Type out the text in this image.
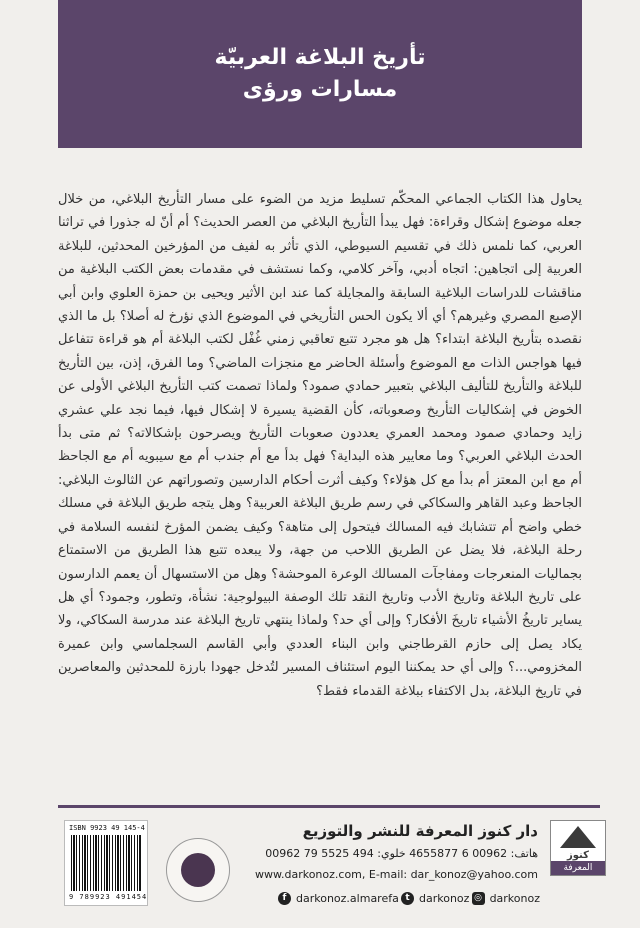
تأريخ البلاغة العربيّة
مسارات ورؤى

يحاول هذا الكتاب الجماعي المحكّم تسليط مزيد من الضوء على مسار التأريخ البلاغي، من خلال جعله موضوع إشكال وقراءة: فهل يبدأ التأريخ البلاغي من العصر الحديث؟ أم أنّ له جذورا في تراثنا العربي، كما نلمس ذلك في تقسيم السيوطي، الذي تأثر به لفيف من المؤرخين المحدثين، للبلاغة العربية إلى اتجاهين: اتجاه أدبي، وآخر كلامي، وكما نستشف في مقدمات بعض الكتب البلاغية من مناقشات للدراسات البلاغية السابقة والمجايلة كما عند ابن الأثير ويحيى بن حمزة العلوي وابن أبي الإصبع المصري وغيرهم؟ أي ألا يكون الحس التأريخي في الموضوع الذي نؤرخ له أصلا؟ بل ما الذي نقصده بتأريخ البلاغة ابتداء؟ هل هو مجرد تتبع تعاقبي زمني غُفْل لكتب البلاغة أم هو قراءة تتفاعل فيها هواجس الذات مع الموضوع وأسئلة الحاضر مع منجزات الماضي؟ وما الفرق، إذن، بين التأريخ للبلاغة والتأريخ للتأليف البلاغي بتعبير حمادي صمود؟ ولماذا تصمت كتب التأريخ البلاغي الأولى عن الخوض في إشكاليات التأريخ وصعوباته، كأن القضية يسيرة لا إشكال فيها، فيما نجد علي عشري زايد وحمادي صمود ومحمد العمري يعددون صعوبات التأريخ ويصرحون بإشكالاته؟ ثم متى بدأ الحدث البلاغي العربي؟ وما معايير هذه البداية؟ فهل بدأ مع أم جندب أم مع سيبويه أم مع الجاحظ أم مع ابن المعتز أم بدأ مع كل هؤلاء؟ وكيف أثرت أحكام الدارسين وتصوراتهم عن الثالوث البلاغي: الجاحظ وعبد القاهر والسكاكي في رسم طريق البلاغة العربية؟ وهل يتجه طريق البلاغة في مسلك خطي واضح أم تتشابك فيه المسالك فيتحول إلى متاهة؟ وكيف يضمن المؤرخ لنفسه السلامة في رحلة البلاغة، فلا يضل عن الطريق اللاحب من جهة، ولا يبعده تتبع هذا الطريق من الاستمتاع بجماليات المنعرجات ومفاجآت المسالك الوعرة الموحشة؟ وهل من الاستسهال أن يعمم الدارسون على تاريخ البلاغة وتاريخ الأدب وتاريخ النقد تلك الوصفة البيولوجية: نشأة، وتطور، وجمود؟ أي هل يساير تاريخُ الأشياء تاريخَ الأفكار؟ وإلى أي حد؟ ولماذا ينتهي تاريخ البلاغة عند مدرسة السكاكي، ولا يكاد يصل إلى حازم القرطاجني وابن البناء العددي وأبي القاسم السجلماسي وابن عميرة المخزومي...؟ وإلى أي حد يمكننا اليوم استئناف المسير لتُدخل جهودا بارزة للمحدثين والمعاصرين في تاريخ البلاغة، بدل الاكتفاء ببلاغة القدماء فقط؟

كنوز
المعرفة
دار كنوز المعرفة للنشر والتوزيع
هاتف: 00962 6 4655877 خلوي: 494 5525 79 00962
www.darkonoz.com, E-mail: dar_konoz@yahoo.com
f darkonoz.almarefa t darkonoz ◎ darkonoz
ISBN 9923 49 145-4
9 789923 491454
